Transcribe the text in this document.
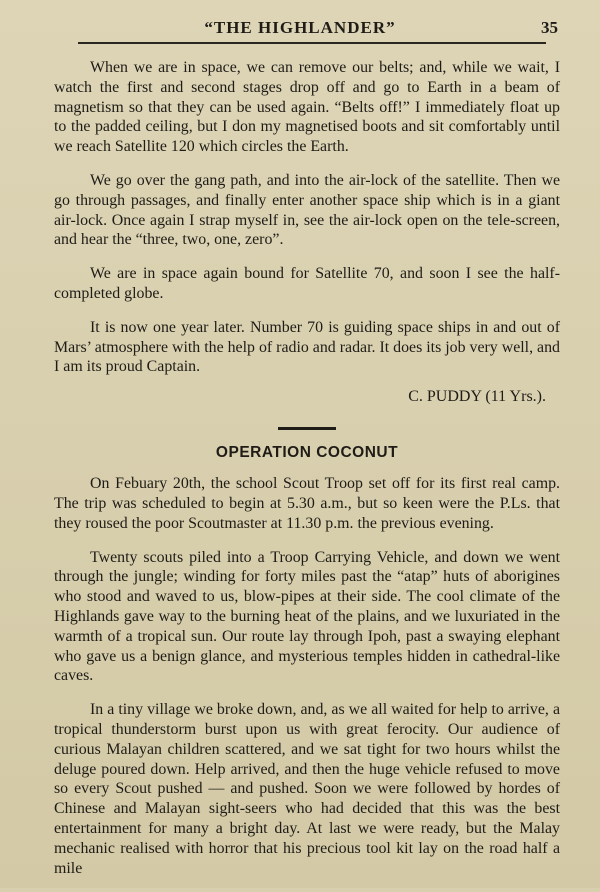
“THE HIGHLANDER”	35

When we are in space, we can remove our belts; and, while we wait, I watch the first and second stages drop off and go to Earth in a beam of magnetism so that they can be used again. “Belts off!” I immediately float up to the padded ceiling, but I don my magnetised boots and sit comfortably until we reach Satellite 120 which circles the Earth.

We go over the gang path, and into the air-lock of the satellite. Then we go through passages, and finally enter another space ship which is in a giant air-lock. Once again I strap myself in, see the air-lock open on the tele-screen, and hear the “three, two, one, zero”.

We are in space again bound for Satellite 70, and soon I see the half-completed globe.

It is now one year later. Number 70 is guiding space ships in and out of Mars’ atmosphere with the help of radio and radar. It does its job very well, and I am its proud Captain.

C. PUDDY (11 Yrs.).
OPERATION COCONUT

On Febuary 20th, the school Scout Troop set off for its first real camp. The trip was scheduled to begin at 5.30 a.m., but so keen were the P.Ls. that they roused the poor Scoutmaster at 11.30 p.m. the previous evening.

Twenty scouts piled into a Troop Carrying Vehicle, and down we went through the jungle; winding for forty miles past the “atap” huts of aborigines who stood and waved to us, blow-pipes at their side. The cool climate of the Highlands gave way to the burning heat of the plains, and we luxuriated in the warmth of a tropical sun. Our route lay through Ipoh, past a swaying elephant who gave us a benign glance, and mysterious temples hidden in cathedral-like caves.

In a tiny village we broke down, and, as we all waited for help to arrive, a tropical thunderstorm burst upon us with great ferocity. Our audience of curious Malayan children scattered, and we sat tight for two hours whilst the deluge poured down. Help arrived, and then the huge vehicle refused to move so every Scout pushed — and pushed. Soon we were followed by hordes of Chinese and Malayan sight-seers who had decided that this was the best entertainment for many a bright day. At last we were ready, but the Malay mechanic realised with horror that his precious tool kit lay on the road half a mile
